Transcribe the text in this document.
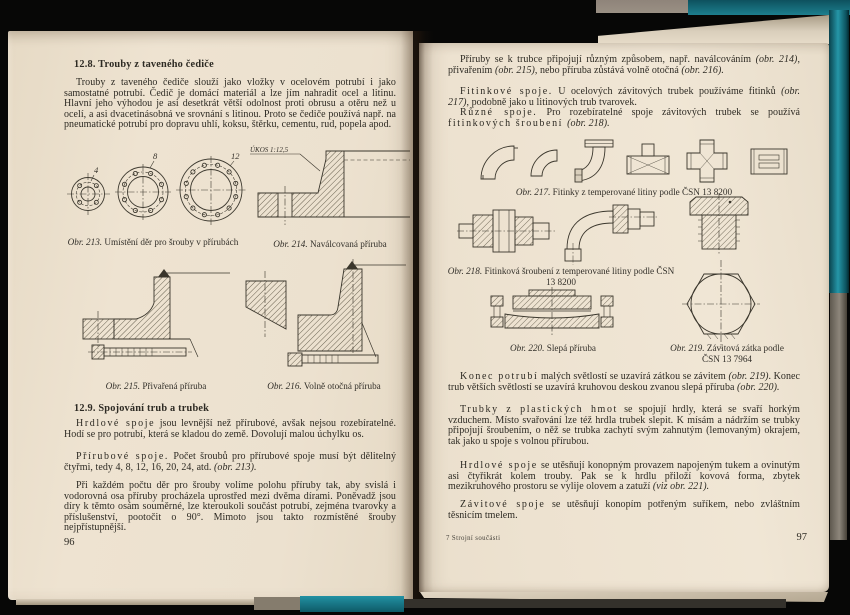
12.8. Trouby z taveného čediče
Trouby z taveného čediče slouží jako vložky v ocelovém potrubí i jako samostatné potrubí. Čedič je domácí materiál a lze jím nahradit ocel a litinu. Hlavní jeho výhodou je asi desetkrát větší odolnost proti obrusu a otěru než u ocelí, a asi dvacetinásobná ve srovnání s litinou. Proto se čediče používá např. na pneumatické potrubí pro dopravu uhlí, koksu, štěrku, cementu, rud, popela apod.
4
8	12
ÚKOS 1:12,5
Obr. 213. Umístění děr pro šrouby v přírubách	Obr. 214. Naválcovaná příruba
Obr. 215. Přivařená příruba	Obr. 216. Volně otočná příruba
12.9. Spojování trub a trubek
Hrdlové spoje jsou levnější než přírubové, avšak nejsou rozebíratelné. Hodí se pro potrubí, která se kladou do země. Dovolují malou úchylku os.
Přírubové spoje. Počet šroubů pro přírubové spoje musí být dělitelný čtyřmi, tedy 4, 8, 12, 16, 20, 24, atd. (obr. 213).
Při každém počtu děr pro šrouby volíme polohu příruby tak, aby svislá i vodorovná osa příruby procházela uprostřed mezi dvěma dírami. Poněvadž jsou díry k těmto osám souměrné, lze kteroukoli součást potrubí, zejména tvarovky a příslušenství, pootočit o 90°. Mimoto jsou takto rozmístěné šrouby nejpřístupnější.
96
Příruby se k trubce připojují různým způsobem, např. naválcováním (obr. 214), přivařením (obr. 215), nebo příruba zůstává volně otočná (obr. 216).
Fitinkové spoje. U ocelových závitových trubek používáme fitinků (obr. 217), podobně jako u litinových trub tvarovek.
Různé spoje. Pro rozebíratelné spoje závitových trubek se používá fitinkových šroubení (obr. 218).
Obr. 217. Fitinky z temperované litiny podle ČSN 13 8200
Obr. 218. Fitinková šroubení z temperované litiny podle ČSN 13 8200
Obr. 220. Slepá příruba	Obr. 219. Závitová zátka podle ČSN 13 7964
Konec potrubí malých světlostí se uzavírá zátkou se závitem (obr. 219). Konec trub větších světlostí se uzavírá kruhovou deskou zvanou slepá příruba (obr. 220).
Trubky z plastických hmot se spojují hrdly, která se svaří horkým vzduchem. Místo svařování lze též hrdla trubek slepit. K mísám a nádržím se trubky připojují šroubením, o něž se trubka zachytí svým zahnutým (lemovaným) okrajem, tak jako u spoje s volnou přírubou.
Hrdlové spoje se utěsňují konopným provazem napojeným tukem a ovinutým asi čtyřikrát kolem trouby. Pak se k hrdlu přiloží kovová forma, zbytek mezikruhového prostoru se vylije olovem a zatuží (viz obr. 221).
Závitové spoje se utěsňují konopím potřeným suříkem, nebo zvláštním těsnicím tmelem.
7 Strojní součásti	97
